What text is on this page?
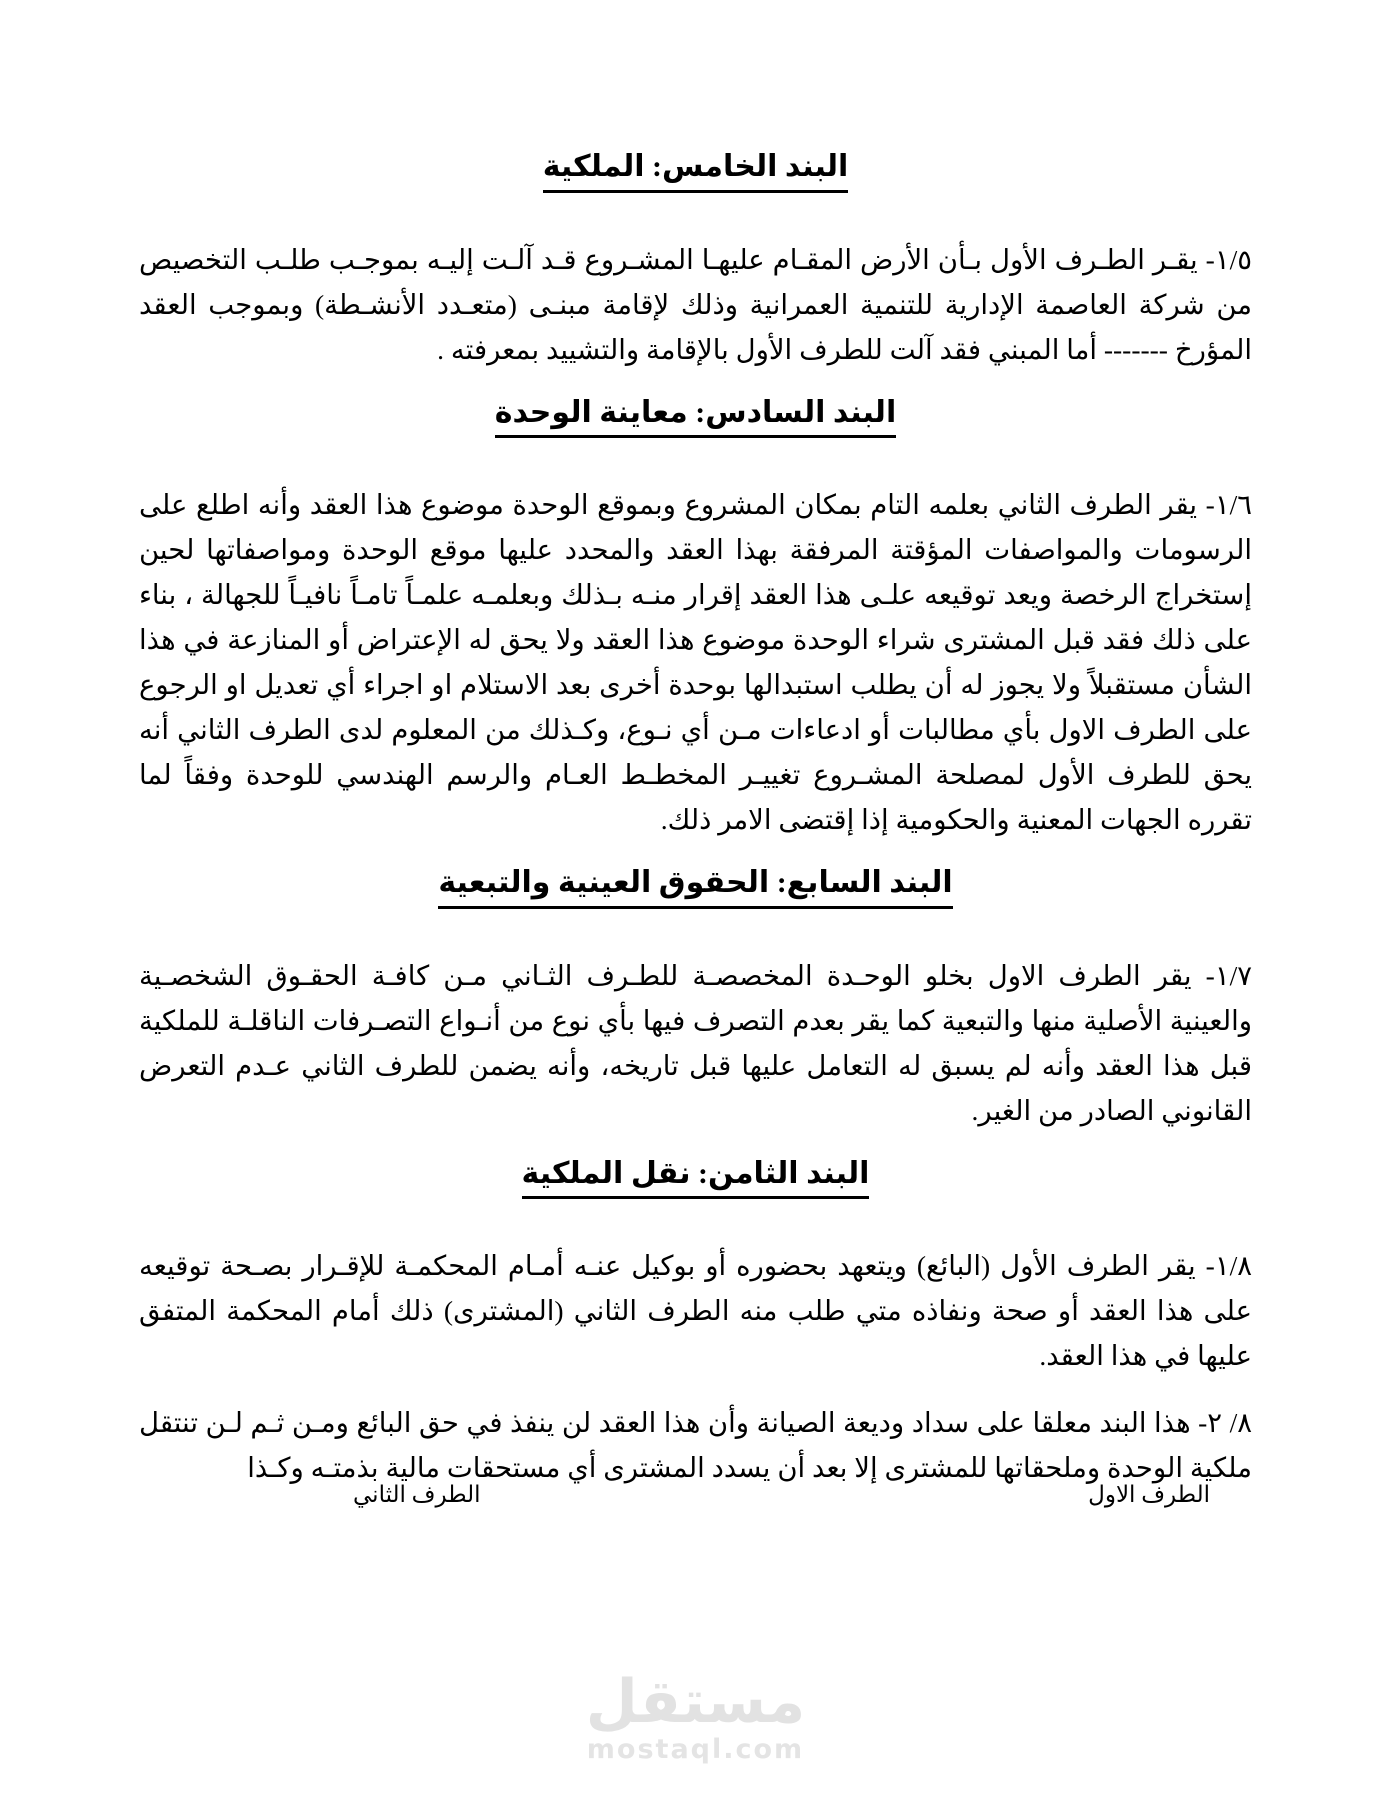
البند الخامس: الملكية

١/٥- يقـر الطـرف الأول بـأن الأرض المقـام عليهـا المشـروع قـد آلـت إليـه بموجـب طلـب التخصيص من شركة العاصمة الإدارية للتنمية العمرانية وذلك لإقامة مبنـى (متعـدد الأنشـطة) وبموجب العقد المؤرخ ------- أما المبني فقد آلت للطرف الأول بالإقامة والتشييد بمعرفته .

البند السادس: معاينة الوحدة

١/٦- يقر الطرف الثاني بعلمه التام بمكان المشروع وبموقع الوحدة موضوع هذا العقد وأنه اطلع على الرسومات والمواصفات المؤقتة المرفقة بهذا العقد والمحدد عليها موقع الوحدة ومواصفاتها لحين إستخراج الرخصة ويعد توقيعه علـى هذا العقد إقرار منـه بـذلك وبعلمـه علمـاً تامـاً نافيـاً للجهالة ، بناء على ذلك فقد قبل المشترى شراء الوحدة موضوع هذا العقد ولا يحق له الإعتراض أو المنازعة في هذا الشأن مستقبلاً ولا يجوز له أن يطلب استبدالها بوحدة أخرى بعد الاستلام او اجراء أي تعديل او الرجوع على الطرف الاول بأي مطالبات أو ادعاءات مـن أي نـوع، وكـذلك من المعلوم لدى الطرف الثاني أنه يحق للطرف الأول لمصلحة المشـروع تغييـر المخطـط العـام والرسم الهندسي للوحدة وفقاً لما تقرره الجهات المعنية والحكومية إذا إقتضى الامر ذلك.

البند السابع: الحقوق العينية والتبعية

١/٧- يقر الطرف الاول بخلو الوحـدة المخصصـة للطـرف الثـاني مـن كافـة الحقـوق الشخصـية والعينية الأصلية منها والتبعية كما يقر بعدم التصرف فيها بأي نوع من أنـواع التصـرفات الناقلـة للملكية قبل هذا العقد وأنه لم يسبق له التعامل عليها قبل تاريخه، وأنه يضمن للطرف الثاني عـدم التعرض القانوني الصادر من الغير.

البند الثامن: نقل الملكية

١/٨- يقر الطرف الأول (البائع) ويتعهد بحضوره أو بوكيل عنـه أمـام المحكمـة للإقـرار بصـحة توقيعه على هذا العقد أو صحة ونفاذه متي طلب منه الطرف الثاني (المشترى) ذلك أمام المحكمة المتفق عليها في هذا العقد.

٨/ ٢- هذا البند معلقا على سداد وديعة الصيانة وأن هذا العقد لن ينفذ في حق البائع ومـن ثـم لـن تنتقل ملكية الوحدة وملحقاتها للمشترى إلا بعد أن يسدد المشترى أي مستحقات مالية بذمتـه وكـذا

الطرف الاول
الطرف الثاني
مستقل
mostaql.com
